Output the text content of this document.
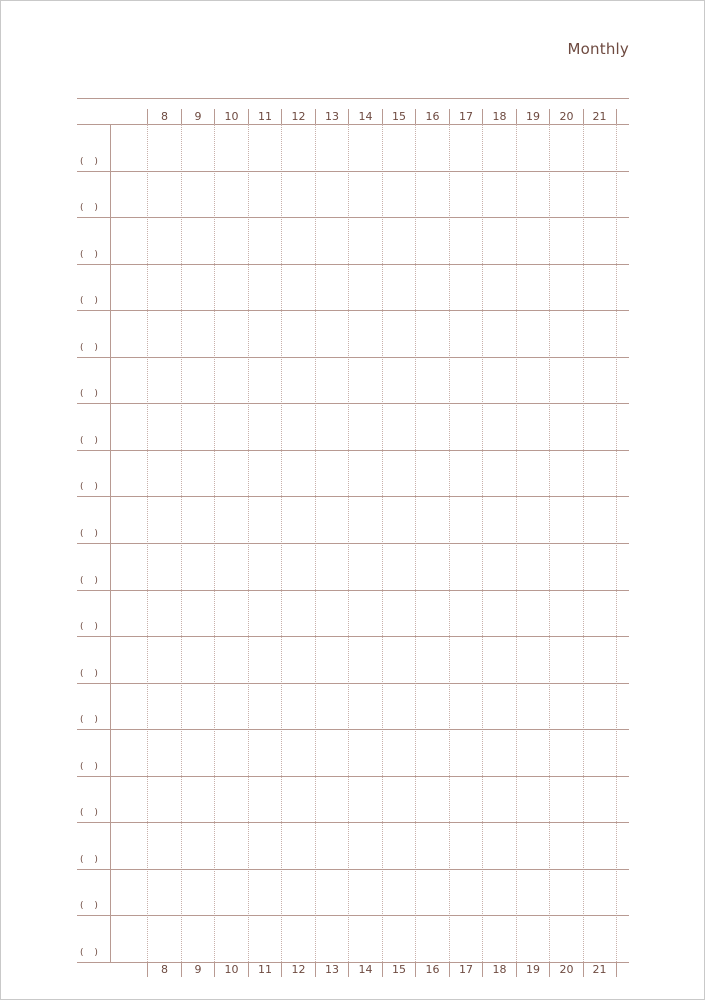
Monthly
8	9	10	11	12	13	14	15	16	17	18	19	20	21
8	9	10	11	12	13	14	15	16	17	18	19	20	21
( )
( )
( )
( )
( )
( )
( )
( )
( )
( )
( )
( )
( )
( )
( )
( )
( )
( )
